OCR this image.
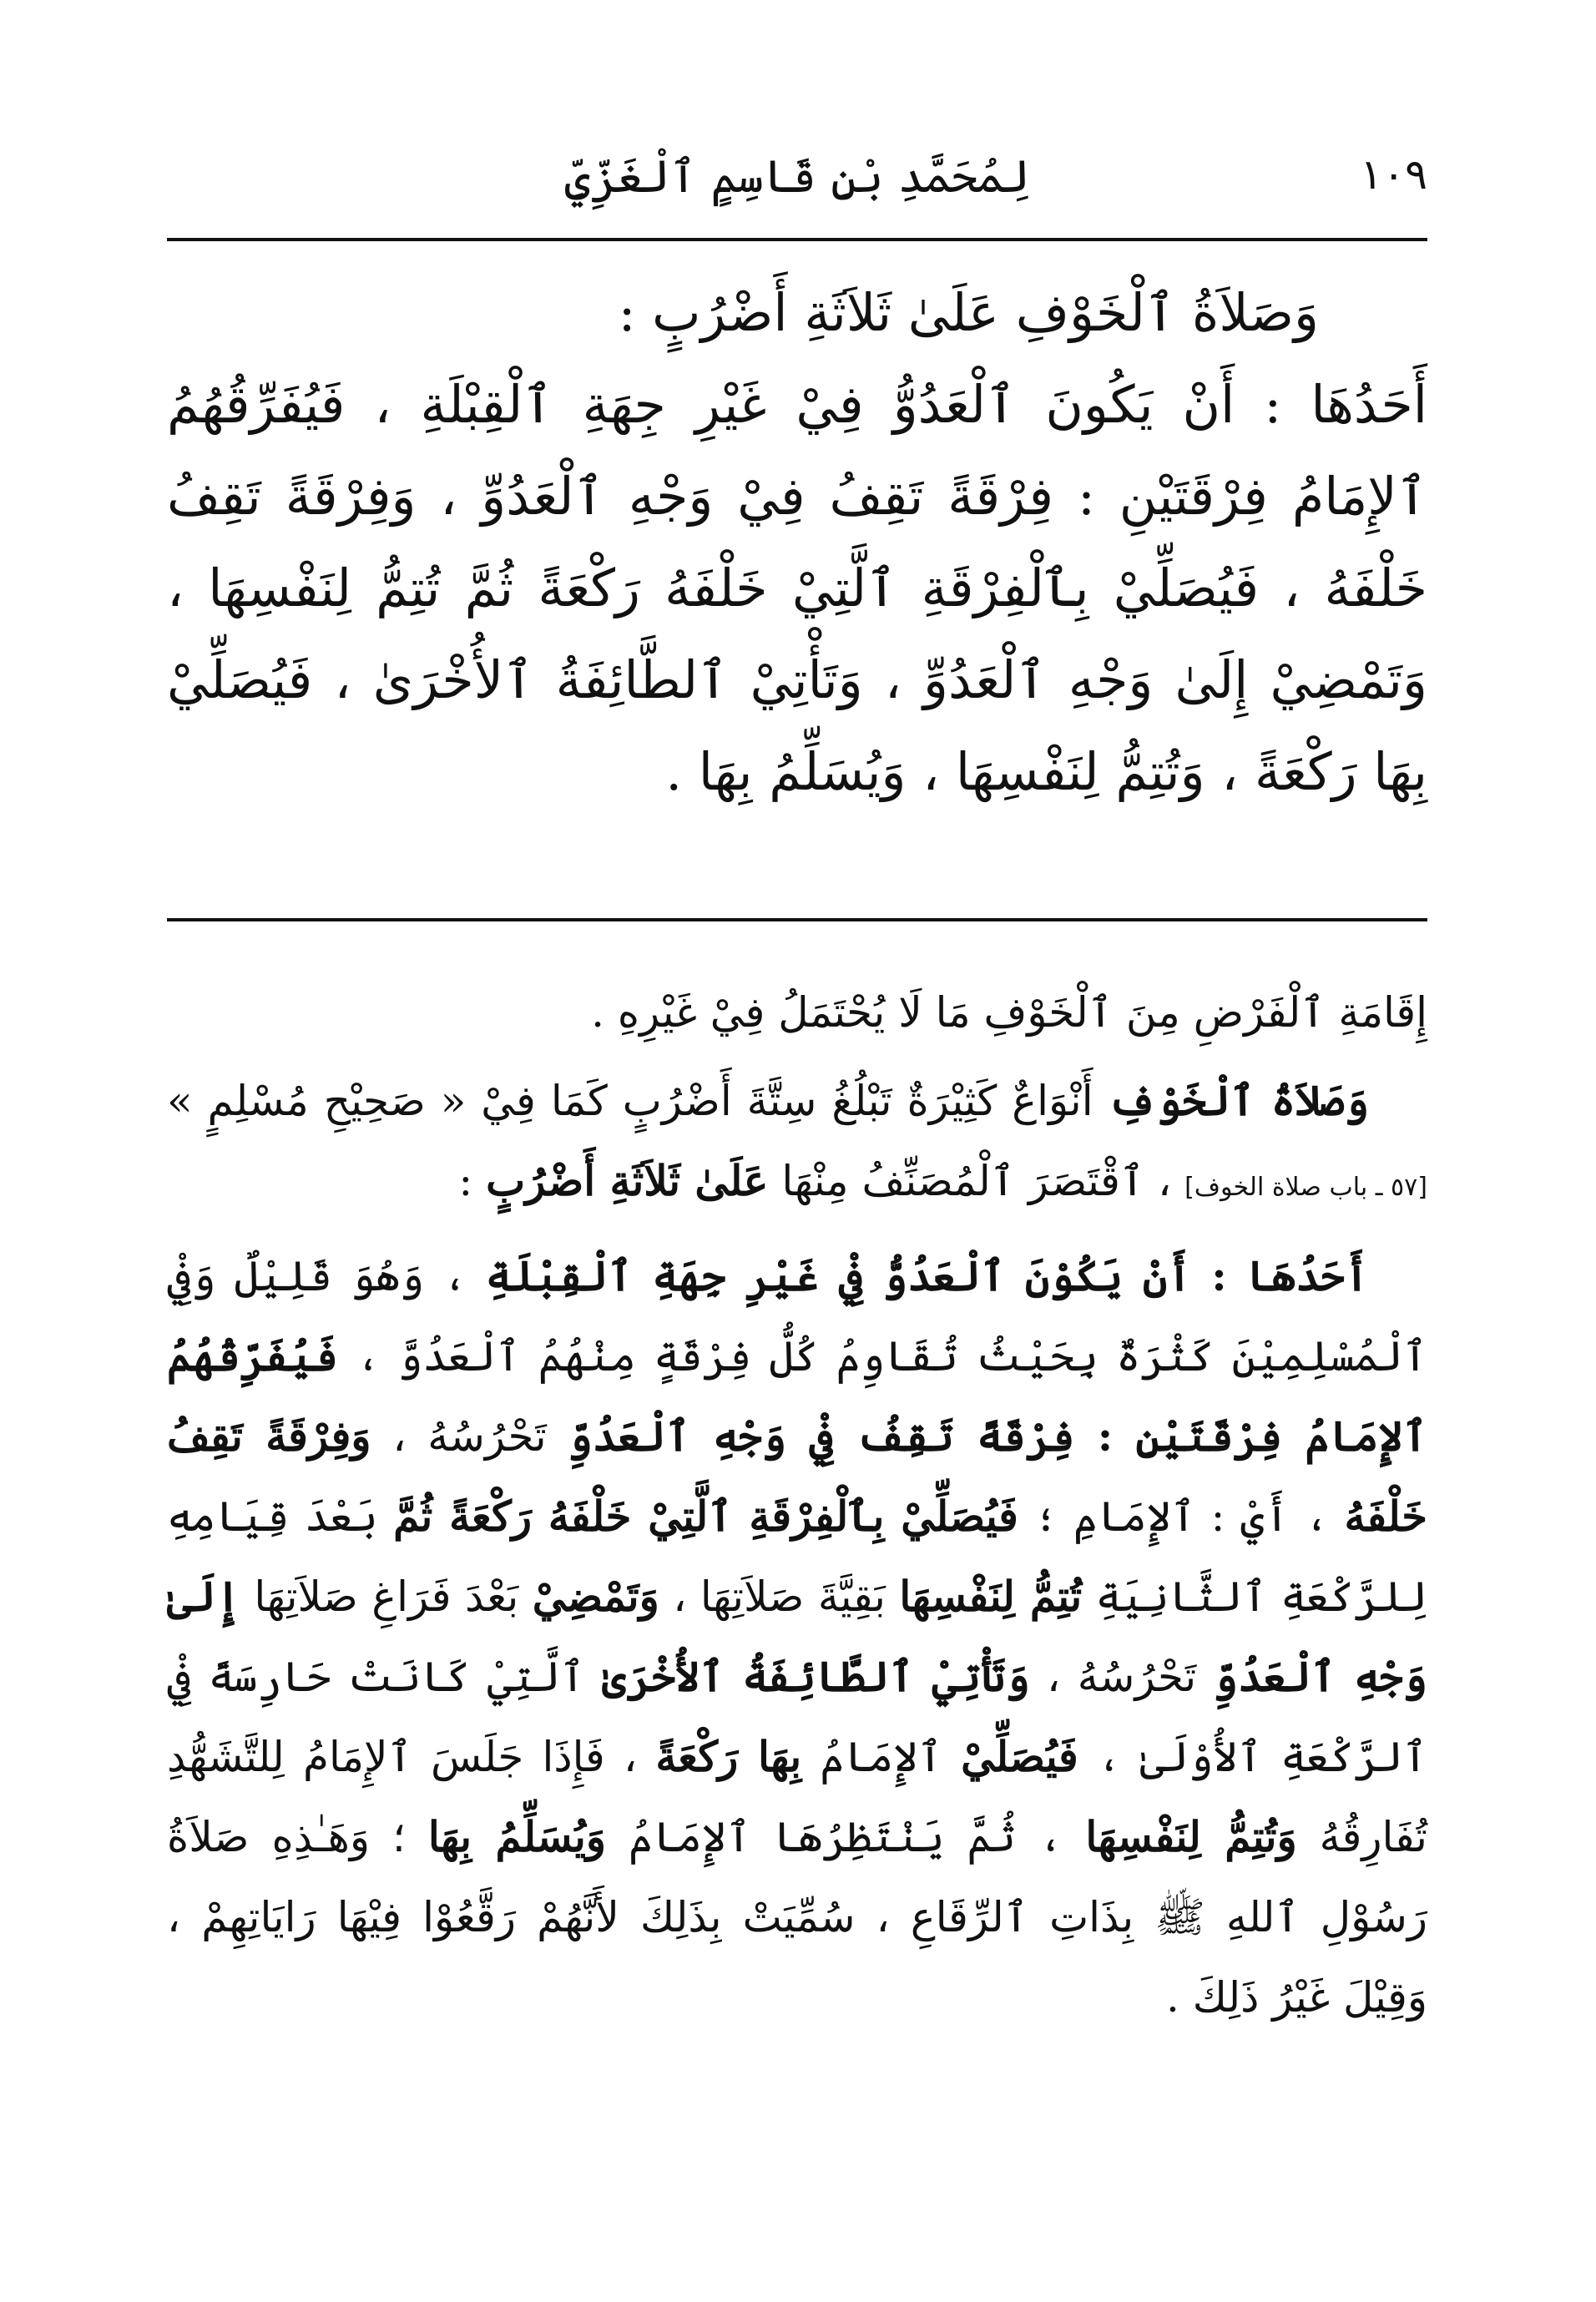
لِمُحَمَّدِ بْنِ قَاسِمٍ ٱلْغَزِّيِّ	١٠٩

وَصَلاَةُ ٱلْخَوْفِ عَلَىٰ ثَلاَثَةِ أَضْرُبٍ :

أَحَدُهَا : أَنْ يَكُونَ ٱلْعَدُوُّ فِيْ غَيْرِ جِهَةِ ٱلْقِبْلَةِ ، فَيُفَرِّقُهُمُ ٱلإِمَامُ فِرْقَتَيْنِ : فِرْقَةً تَقِفُ فِيْ وَجْهِ ٱلْعَدُوِّ ، وَفِرْقَةً تَقِفُ خَلْفَهُ ، فَيُصَلِّيْ بِٱلْفِرْقَةِ ٱلَّتِيْ خَلْفَهُ رَكْعَةً ثُمَّ تُتِمُّ لِنَفْسِهَا ، وَتَمْضِيْ إِلَىٰ وَجْهِ ٱلْعَدُوِّ ، وَتَأْتِيْ ٱلطَّائِفَةُ ٱلأُخْرَىٰ ، فَيُصَلِّيْ بِهَا رَكْعَةً ، وَتُتِمُّ لِنَفْسِهَا ، وَيُسَلِّمُ بِهَا .

إِقَامَةِ ٱلْفَرْضِ مِنَ ٱلْخَوْفِ مَا لَا يُحْتَمَلُ فِيْ غَيْرِهِ .

وَصَلاَةُ ٱلْخَوْفِ أَنْوَاعٌ كَثِيْرَةٌ تَبْلُغُ سِتَّةَ أَضْرُبٍ كَمَا فِيْ « صَحِيْحِ مُسْلِمٍ » [٥٧ ـ باب صلاة الخوف] ، ٱقْتَصَرَ ٱلْمُصَنِّفُ مِنْهَا عَلَىٰ ثَلاَثَةِ أَضْرُبٍ :

أَحَدُهَا : أَنْ يَكُوْنَ ٱلْعَدُوُّ فِيْ غَيْرِ جِهَةِ ٱلْقِبْلَةِ ، وَهُوَ قَلِيْلٌ وَفِيْ ٱلْمُسْلِمِيْنَ كَثْرَةٌ بِحَيْثُ تُقَاوِمُ كُلُّ فِرْقَةٍ مِنْهُمُ ٱلْعَدُوَّ ، فَيُفَرِّقُهُمُ ٱلإِمَامُ فِرْقَتَيْنِ : فِرْقَةً تَقِفُ فِيْ وَجْهِ ٱلْعَدُوِّ تَحْرُسُهُ ، وَفِرْقَةً تَقِفُ خَلْفَهُ ، أَيْ : ٱلإِمَامِ ؛ فَيُصَلِّيْ بِٱلْفِرْقَةِ ٱلَّتِيْ خَلْفَهُ رَكْعَةً ثُمَّ بَعْدَ قِيَامِهِ لِلرَّكْعَةِ ٱلثَّانِيَةِ تُتِمُّ لِنَفْسِهَا بَقِيَّةَ صَلاَتِهَا ، وَتَمْضِيْ بَعْدَ فَرَاغِ صَلاَتِهَا إِلَىٰ وَجْهِ ٱلْعَدُوِّ تَحْرُسُهُ ، وَتَأْتِيْ ٱلطَّائِفَةُ ٱلأُخْرَىٰ ٱلَّتِيْ كَانَتْ حَارِسَةً فِيْ ٱلرَّكْعَةِ ٱلأُوْلَىٰ ، فَيُصَلِّيْ ٱلإِمَامُ بِهَا رَكْعَةً ، فَإِذَا جَلَسَ ٱلإِمَامُ لِلتَّشَهُّدِ تُفَارِقُهُ وَتُتِمُّ لِنَفْسِهَا ، ثُمَّ يَنْتَظِرُهَا ٱلإِمَامُ وَيُسَلِّمُ بِهَا ؛ وَهَـٰذِهِ صَلاَةُ رَسُوْلِ ٱللهِ ﷺ بِذَاتِ ٱلرِّقَاعِ ، سُمِّيَتْ بِذَلِكَ لأَنَّهُمْ رَقَّعُوْا فِيْهَا رَايَاتِهِمْ ، وَقِيْلَ غَيْرُ ذَلِكَ .
